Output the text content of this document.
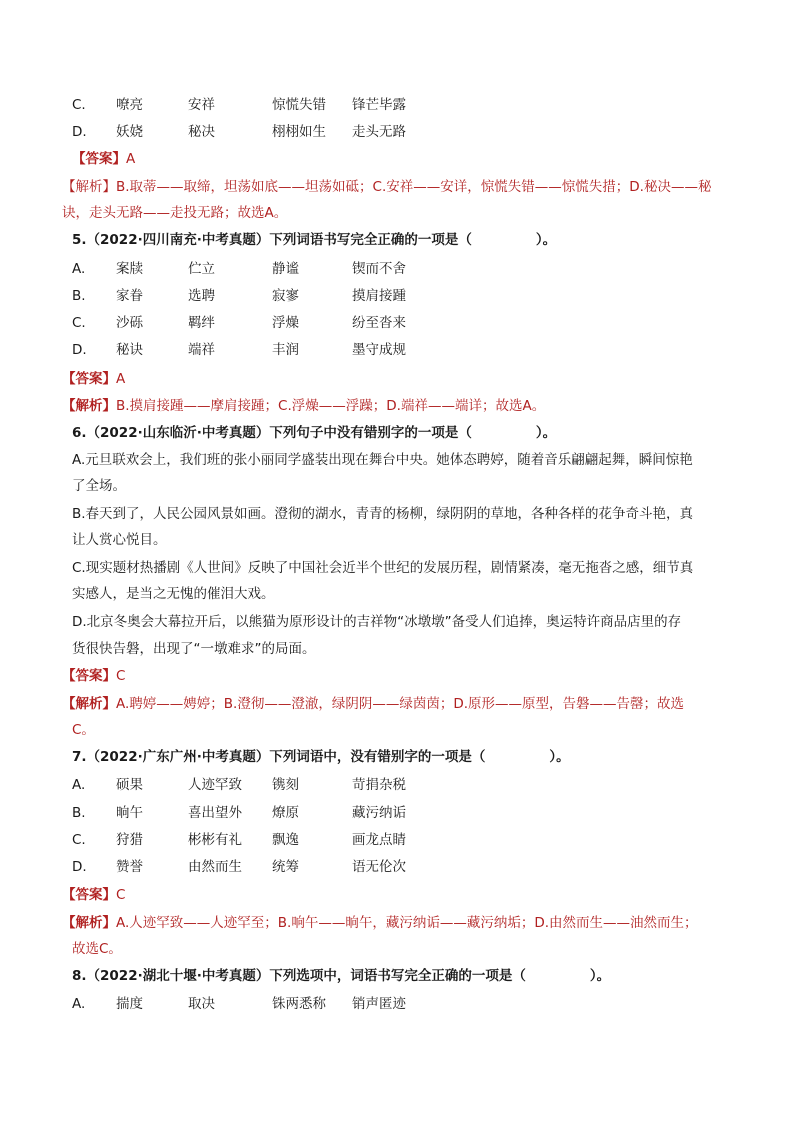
C.	嘹亮	安祥	惊慌失错	锋芒毕露
D.	妖娆	秘决	栩栩如生	走头无路
【答案】A
【解析】B.取蒂——取缔，坦荡如底——坦荡如砥；C.安祥——安详，惊慌失错——惊慌失措；D.秘决——秘诀，走头无路——走投无路；故选A。
5.（2022·四川南充·中考真题）下列词语书写完全正确的一项是（	）。
A.	案牍	伫立	静谧	锲而不舍
B.	家眷	选聘	寂寥	摸肩接踵
C.	沙砾	羁绊	浮燥	纷至沓来
D.	秘诀	端祥	丰润	墨守成规
【答案】A
【解析】B.摸肩接踵——摩肩接踵；C.浮燥——浮躁；D.端祥——端详；故选A。
6.（2022·山东临沂·中考真题）下列句子中没有错别字的一项是（	）。
A.元旦联欢会上，我们班的张小丽同学盛装出现在舞台中央。她体态聘婷，随着音乐翩翩起舞，瞬间惊艳
了全场。
B.春天到了，人民公园风景如画。澄彻的湖水，青青的杨柳，绿阴阴的草地，各种各样的花争奇斗艳，真
让人赏心悦目。
C.现实题材热播剧《人世间》反映了中国社会近半个世纪的发展历程，剧情紧凑，毫无拖沓之感，细节真
实感人，是当之无愧的催泪大戏。
D.北京冬奥会大幕拉开后，以熊猫为原形设计的吉祥物“冰墩墩”备受人们追捧，奥运特许商品店里的存
货很快告磐，出现了“一墩难求”的局面。
【答案】C
【解析】A.聘婷——娉婷；B.澄彻——澄澈，绿阴阴——绿茵茵；D.原形——原型，告磐——告罄；故选
C。
7.（2022·广东广州·中考真题）下列词语中，没有错别字的一项是（	）。
A.	硕果	人迹罕致	镌刻	苛捐杂税
B.	晌午	喜出望外	燎原	藏污纳诟
C.	狩猎	彬彬有礼	飘逸	画龙点睛
D.	赞誉	由然而生	统筹	语无伦次
【答案】C
【解析】A.人迹罕致——人迹罕至；B.响午——晌午，藏污纳诟——藏污纳垢；D.由然而生——油然而生；
故选C。
8.（2022·湖北十堰·中考真题）下列选项中，词语书写完全正确的一项是（	）。
A.	揣度	取决	铢两悉称	销声匿迹
